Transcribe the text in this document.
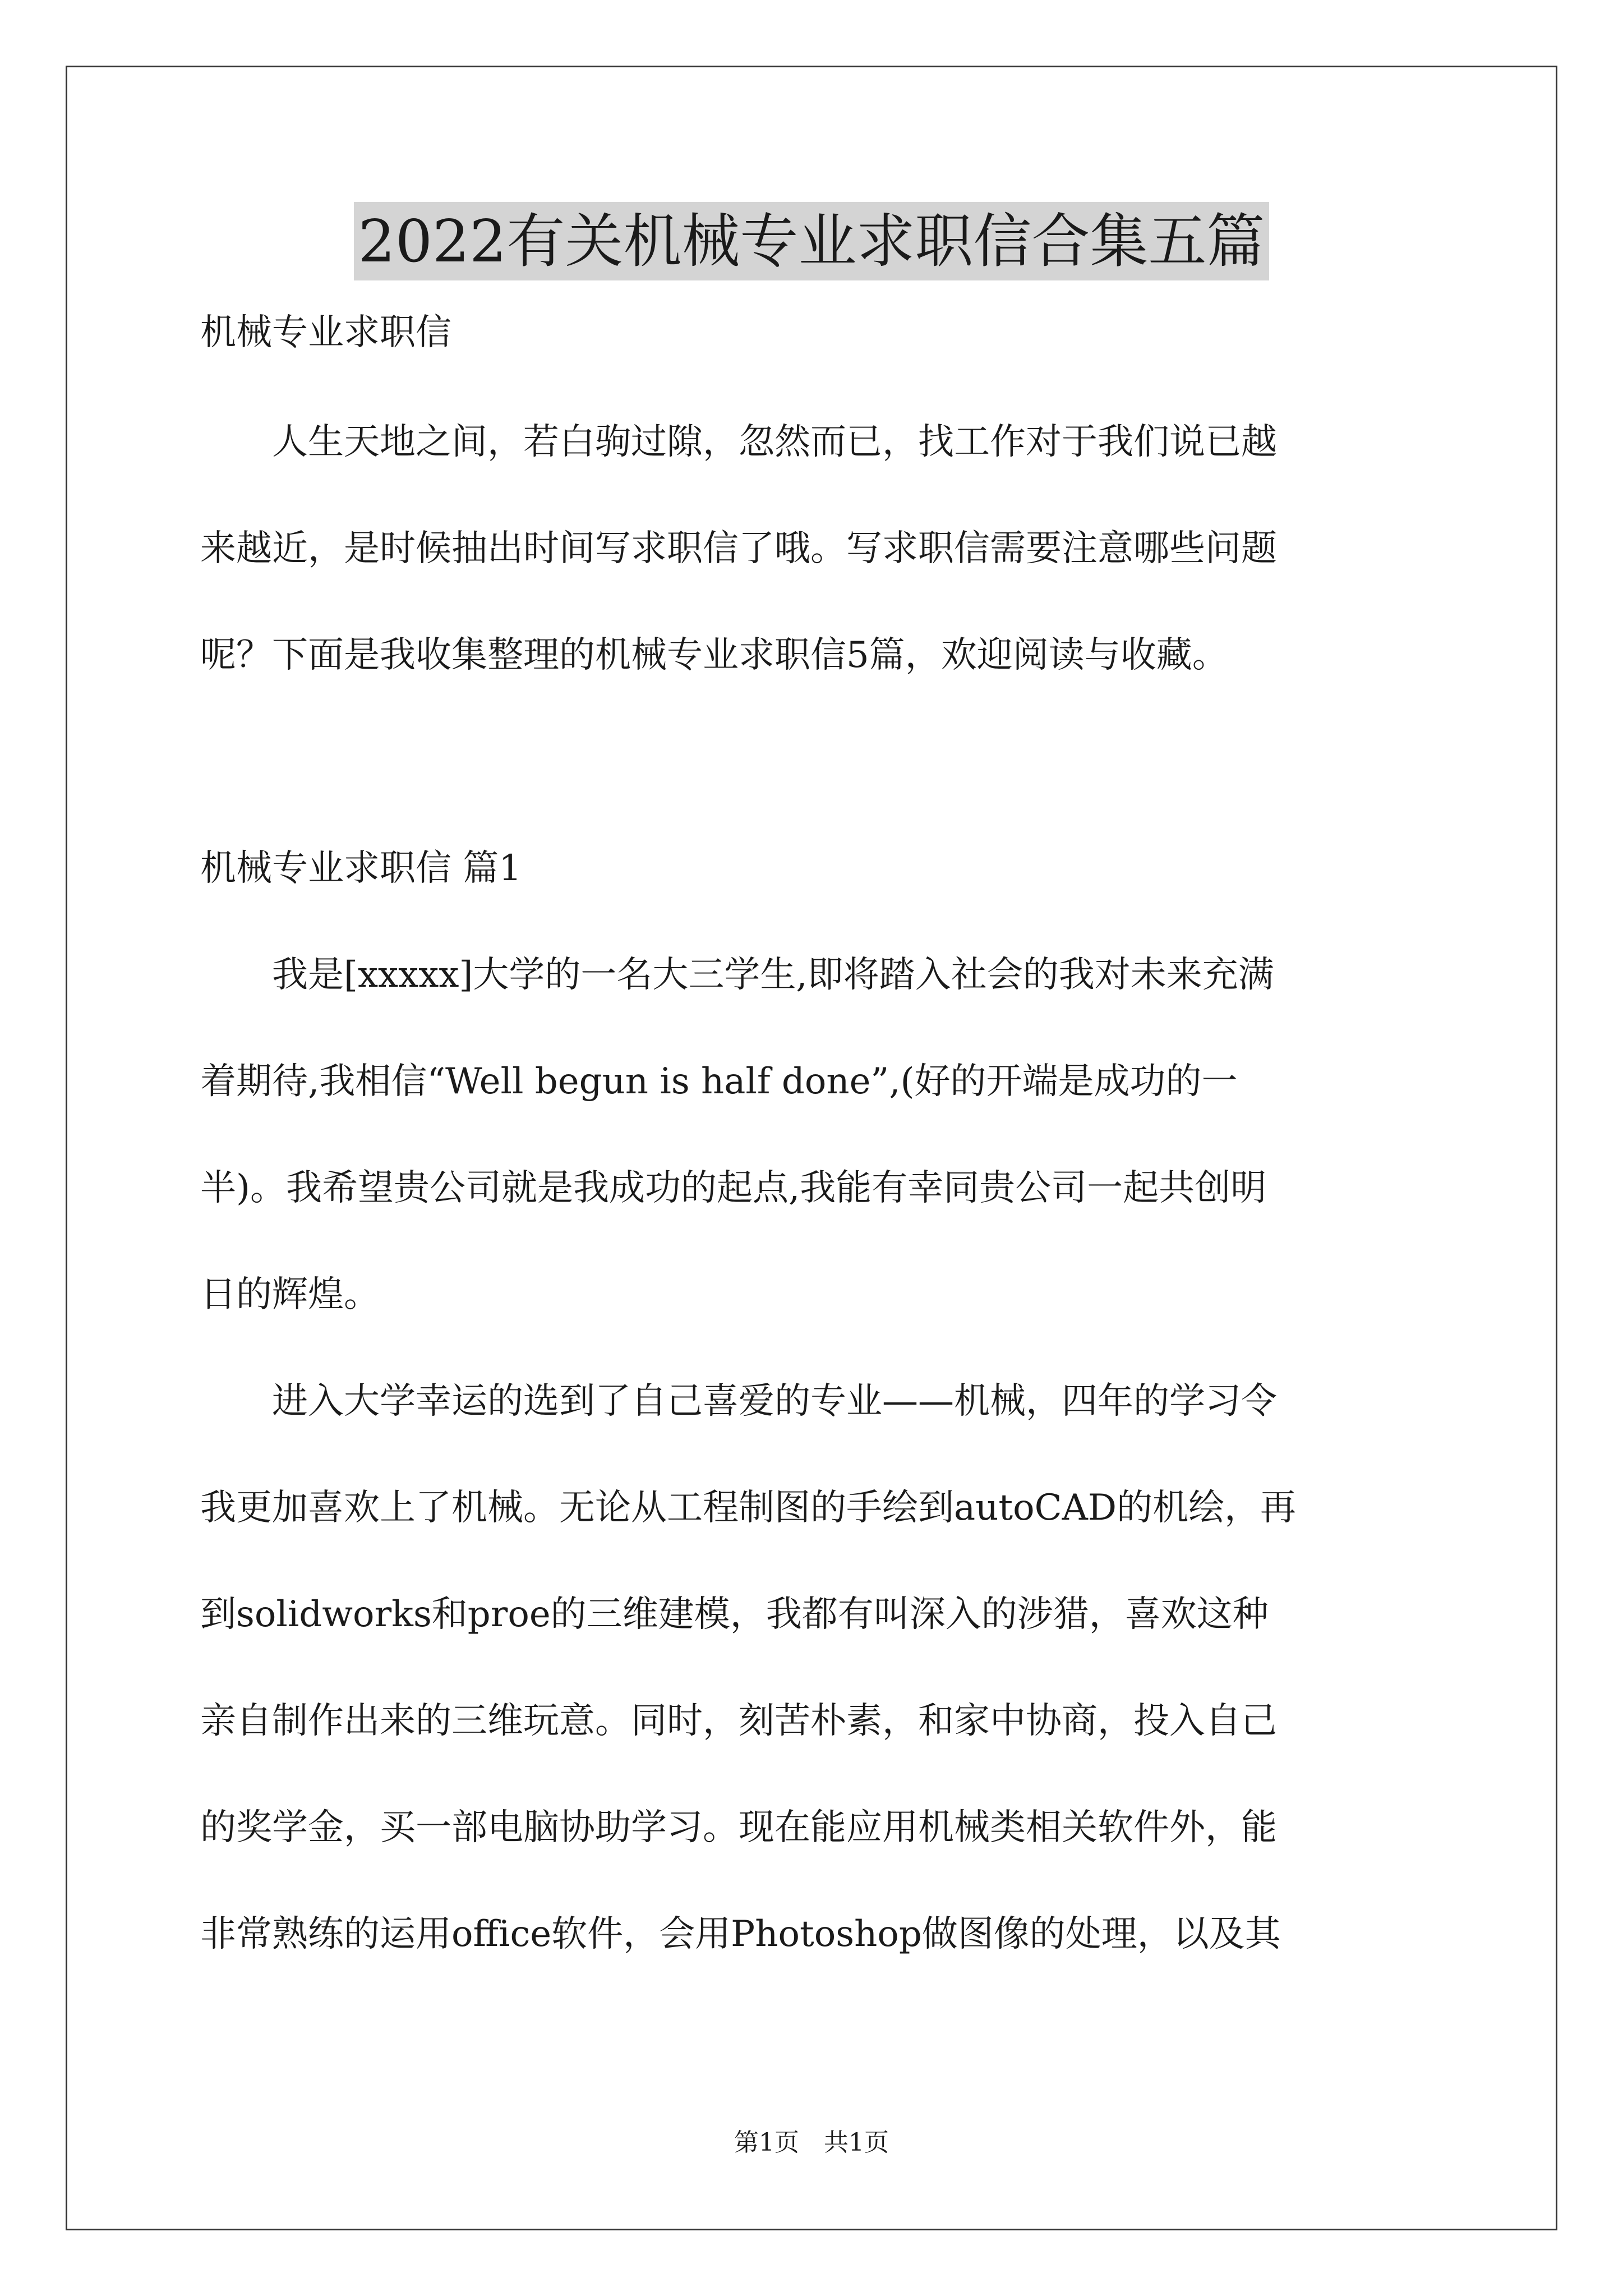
2022有关机械专业求职信合集五篇
机械专业求职信

　　人生天地之间，若白驹过隙，忽然而已，找工作对于我们说已越

来越近，是时候抽出时间写求职信了哦。写求职信需要注意哪些问题

呢？下面是我收集整理的机械专业求职信5篇，欢迎阅读与收藏。

机械专业求职信 篇1

　　我是[xxxxx]大学的一名大三学生,即将踏入社会的我对未来充满

着期待,我相信“Well begun is half done”,(好的开端是成功的一

半)。我希望贵公司就是我成功的起点,我能有幸同贵公司一起共创明

日的辉煌。

　　进入大学幸运的选到了自己喜爱的专业——机械，四年的学习令

我更加喜欢上了机械。无论从工程制图的手绘到autoCAD的机绘，再

到solidworks和proe的三维建模，我都有叫深入的涉猎，喜欢这种

亲自制作出来的三维玩意。同时，刻苦朴素，和家中协商，投入自己

的奖学金，买一部电脑协助学习。现在能应用机械类相关软件外，能

非常熟练的运用office软件，会用Photoshop做图像的处理，以及其

第1页　共1页
